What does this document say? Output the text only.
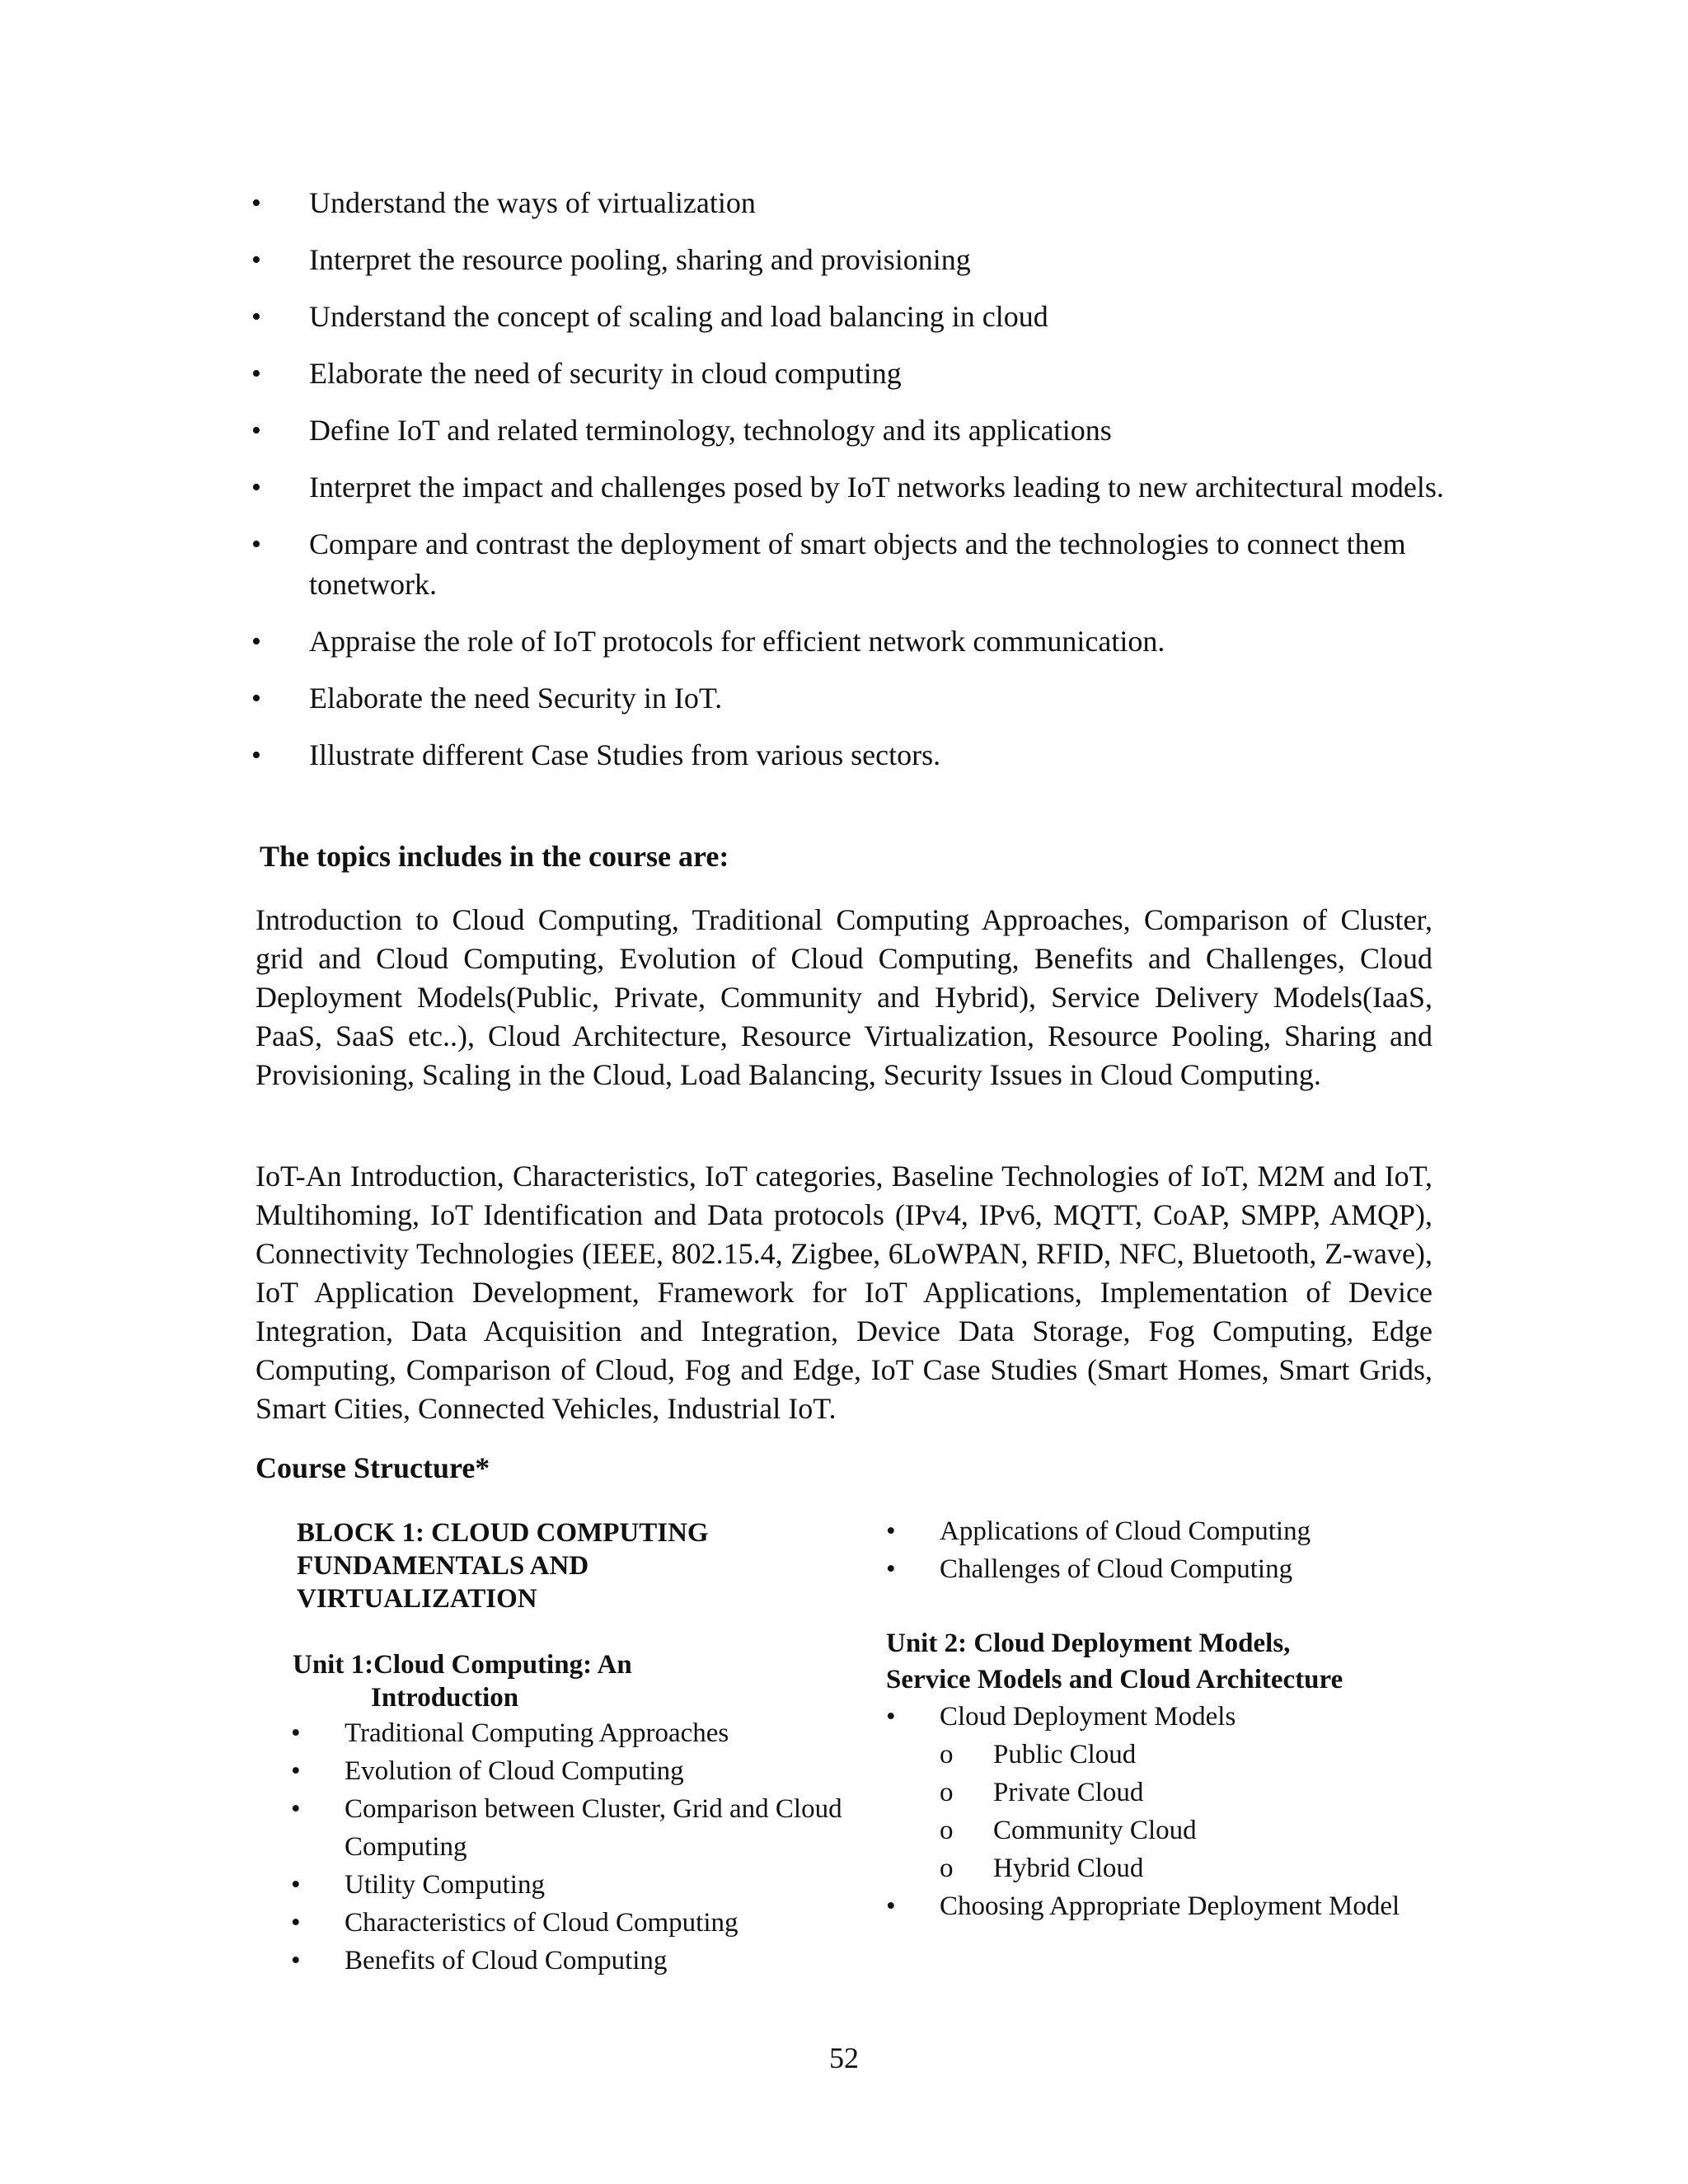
• Understand the ways of virtualization
• Interpret the resource pooling, sharing and provisioning
• Understand the concept of scaling and load balancing in cloud
• Elaborate the need of security in cloud computing
• Define IoT and related terminology, technology and its applications
• Interpret the impact and challenges posed by IoT networks leading to new architectural models.
• Compare and contrast the deployment of smart objects and the technologies to connect them tonetwork.
• Appraise the role of IoT protocols for efficient network communication.
• Elaborate the need Security in IoT.
• Illustrate different Case Studies from various sectors.
The topics includes in the course are:

Introduction to Cloud Computing, Traditional Computing Approaches, Comparison of Cluster, grid and Cloud Computing, Evolution of Cloud Computing, Benefits and Challenges, Cloud Deployment Models(Public, Private, Community and Hybrid), Service Delivery Models(IaaS, PaaS, SaaS etc..), Cloud Architecture, Resource Virtualization, Resource Pooling, Sharing and Provisioning, Scaling in the Cloud, Load Balancing, Security Issues in Cloud Computing.

IoT-An Introduction, Characteristics, IoT categories, Baseline Technologies of IoT, M2M and IoT, Multihoming, IoT Identification and Data protocols (IPv4, IPv6, MQTT, CoAP, SMPP, AMQP), Connectivity Technologies (IEEE, 802.15.4, Zigbee, 6LoWPAN, RFID, NFC, Bluetooth, Z-wave), IoT Application Development, Framework for IoT Applications, Implementation of Device Integration, Data Acquisition and Integration, Device Data Storage, Fog Computing, Edge Computing, Comparison of Cloud, Fog and Edge, IoT Case Studies (Smart Homes, Smart Grids, Smart Cities, Connected Vehicles, Industrial IoT.

Course Structure*
BLOCK 1: CLOUD COMPUTING FUNDAMENTALS AND VIRTUALIZATION
Unit 1:Cloud Computing: An
Introduction
• Traditional Computing Approaches
• Evolution of Cloud Computing
• Comparison between Cluster, Grid and Cloud Computing
• Utility Computing
• Characteristics of Cloud Computing
• Benefits of Cloud Computing
• Applications of Cloud Computing
• Challenges of Cloud Computing
Unit 2: Cloud Deployment Models,
Service Models and Cloud Architecture
• Cloud Deployment Models
o Public Cloud
o Private Cloud
o Community Cloud
o Hybrid Cloud
• Choosing Appropriate Deployment Model
52
